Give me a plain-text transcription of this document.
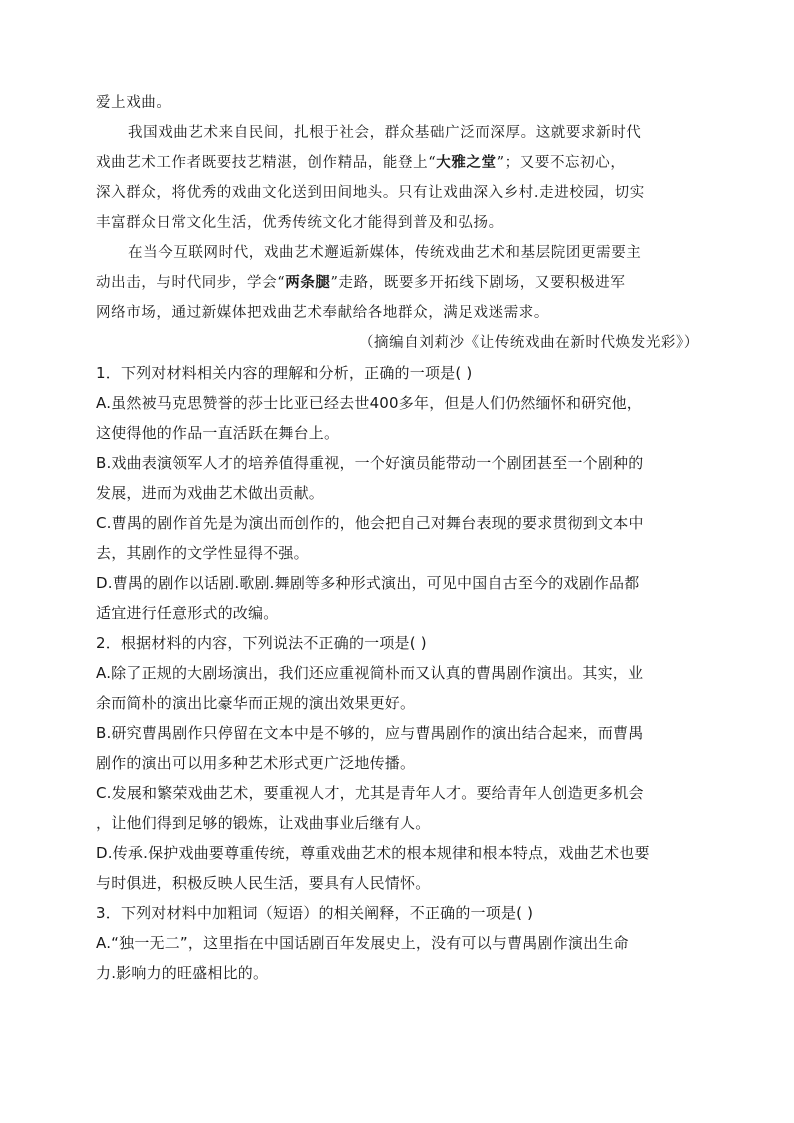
爱上戏曲。
我国戏曲艺术来自民间，扎根于社会，群众基础广泛而深厚。这就要求新时代
戏曲艺术工作者既要技艺精湛，创作精品，能登上“大雅之堂”；又要不忘初心，
深入群众，将优秀的戏曲文化送到田间地头。只有让戏曲深入乡村.走进校园，切实
丰富群众日常文化生活，优秀传统文化才能得到普及和弘扬。
在当今互联网时代，戏曲艺术邂逅新媒体，传统戏曲艺术和基层院团更需要主
动出击，与时代同步，学会“两条腿”走路，既要多开拓线下剧场，又要积极进军
网络市场，通过新媒体把戏曲艺术奉献给各地群众，满足戏迷需求。
（摘编自刘莉沙《让传统戏曲在新时代焕发光彩》）
1．下列对材料相关内容的理解和分析，正确的一项是( )
A.虽然被马克思赞誉的莎士比亚已经去世400多年，但是人们仍然缅怀和研究他，
这使得他的作品一直活跃在舞台上。
B.戏曲表演领军人才的培养值得重视，一个好演员能带动一个剧团甚至一个剧种的
发展，进而为戏曲艺术做出贡献。
C.曹禺的剧作首先是为演出而创作的，他会把自己对舞台表现的要求贯彻到文本中
去，其剧作的文学性显得不强。
D.曹禺的剧作以话剧.歌剧.舞剧等多种形式演出，可见中国自古至今的戏剧作品都
适宜进行任意形式的改编。
2．根据材料的内容，下列说法不正确的一项是( )
A.除了正规的大剧场演出，我们还应重视简朴而又认真的曹禺剧作演出。其实，业
余而简朴的演出比豪华而正规的演出效果更好。
B.研究曹禺剧作只停留在文本中是不够的，应与曹禺剧作的演出结合起来，而曹禺
剧作的演出可以用多种艺术形式更广泛地传播。
C.发展和繁荣戏曲艺术，要重视人才，尤其是青年人才。要给青年人创造更多机会
，让他们得到足够的锻炼，让戏曲事业后继有人。
D.传承.保护戏曲要尊重传统，尊重戏曲艺术的根本规律和根本特点，戏曲艺术也要
与时俱进，积极反映人民生活，要具有人民情怀。
3．下列对材料中加粗词（短语）的相关阐释，不正确的一项是( )
A.“独一无二”，这里指在中国话剧百年发展史上，没有可以与曹禺剧作演出生命
力.影响力的旺盛相比的。
